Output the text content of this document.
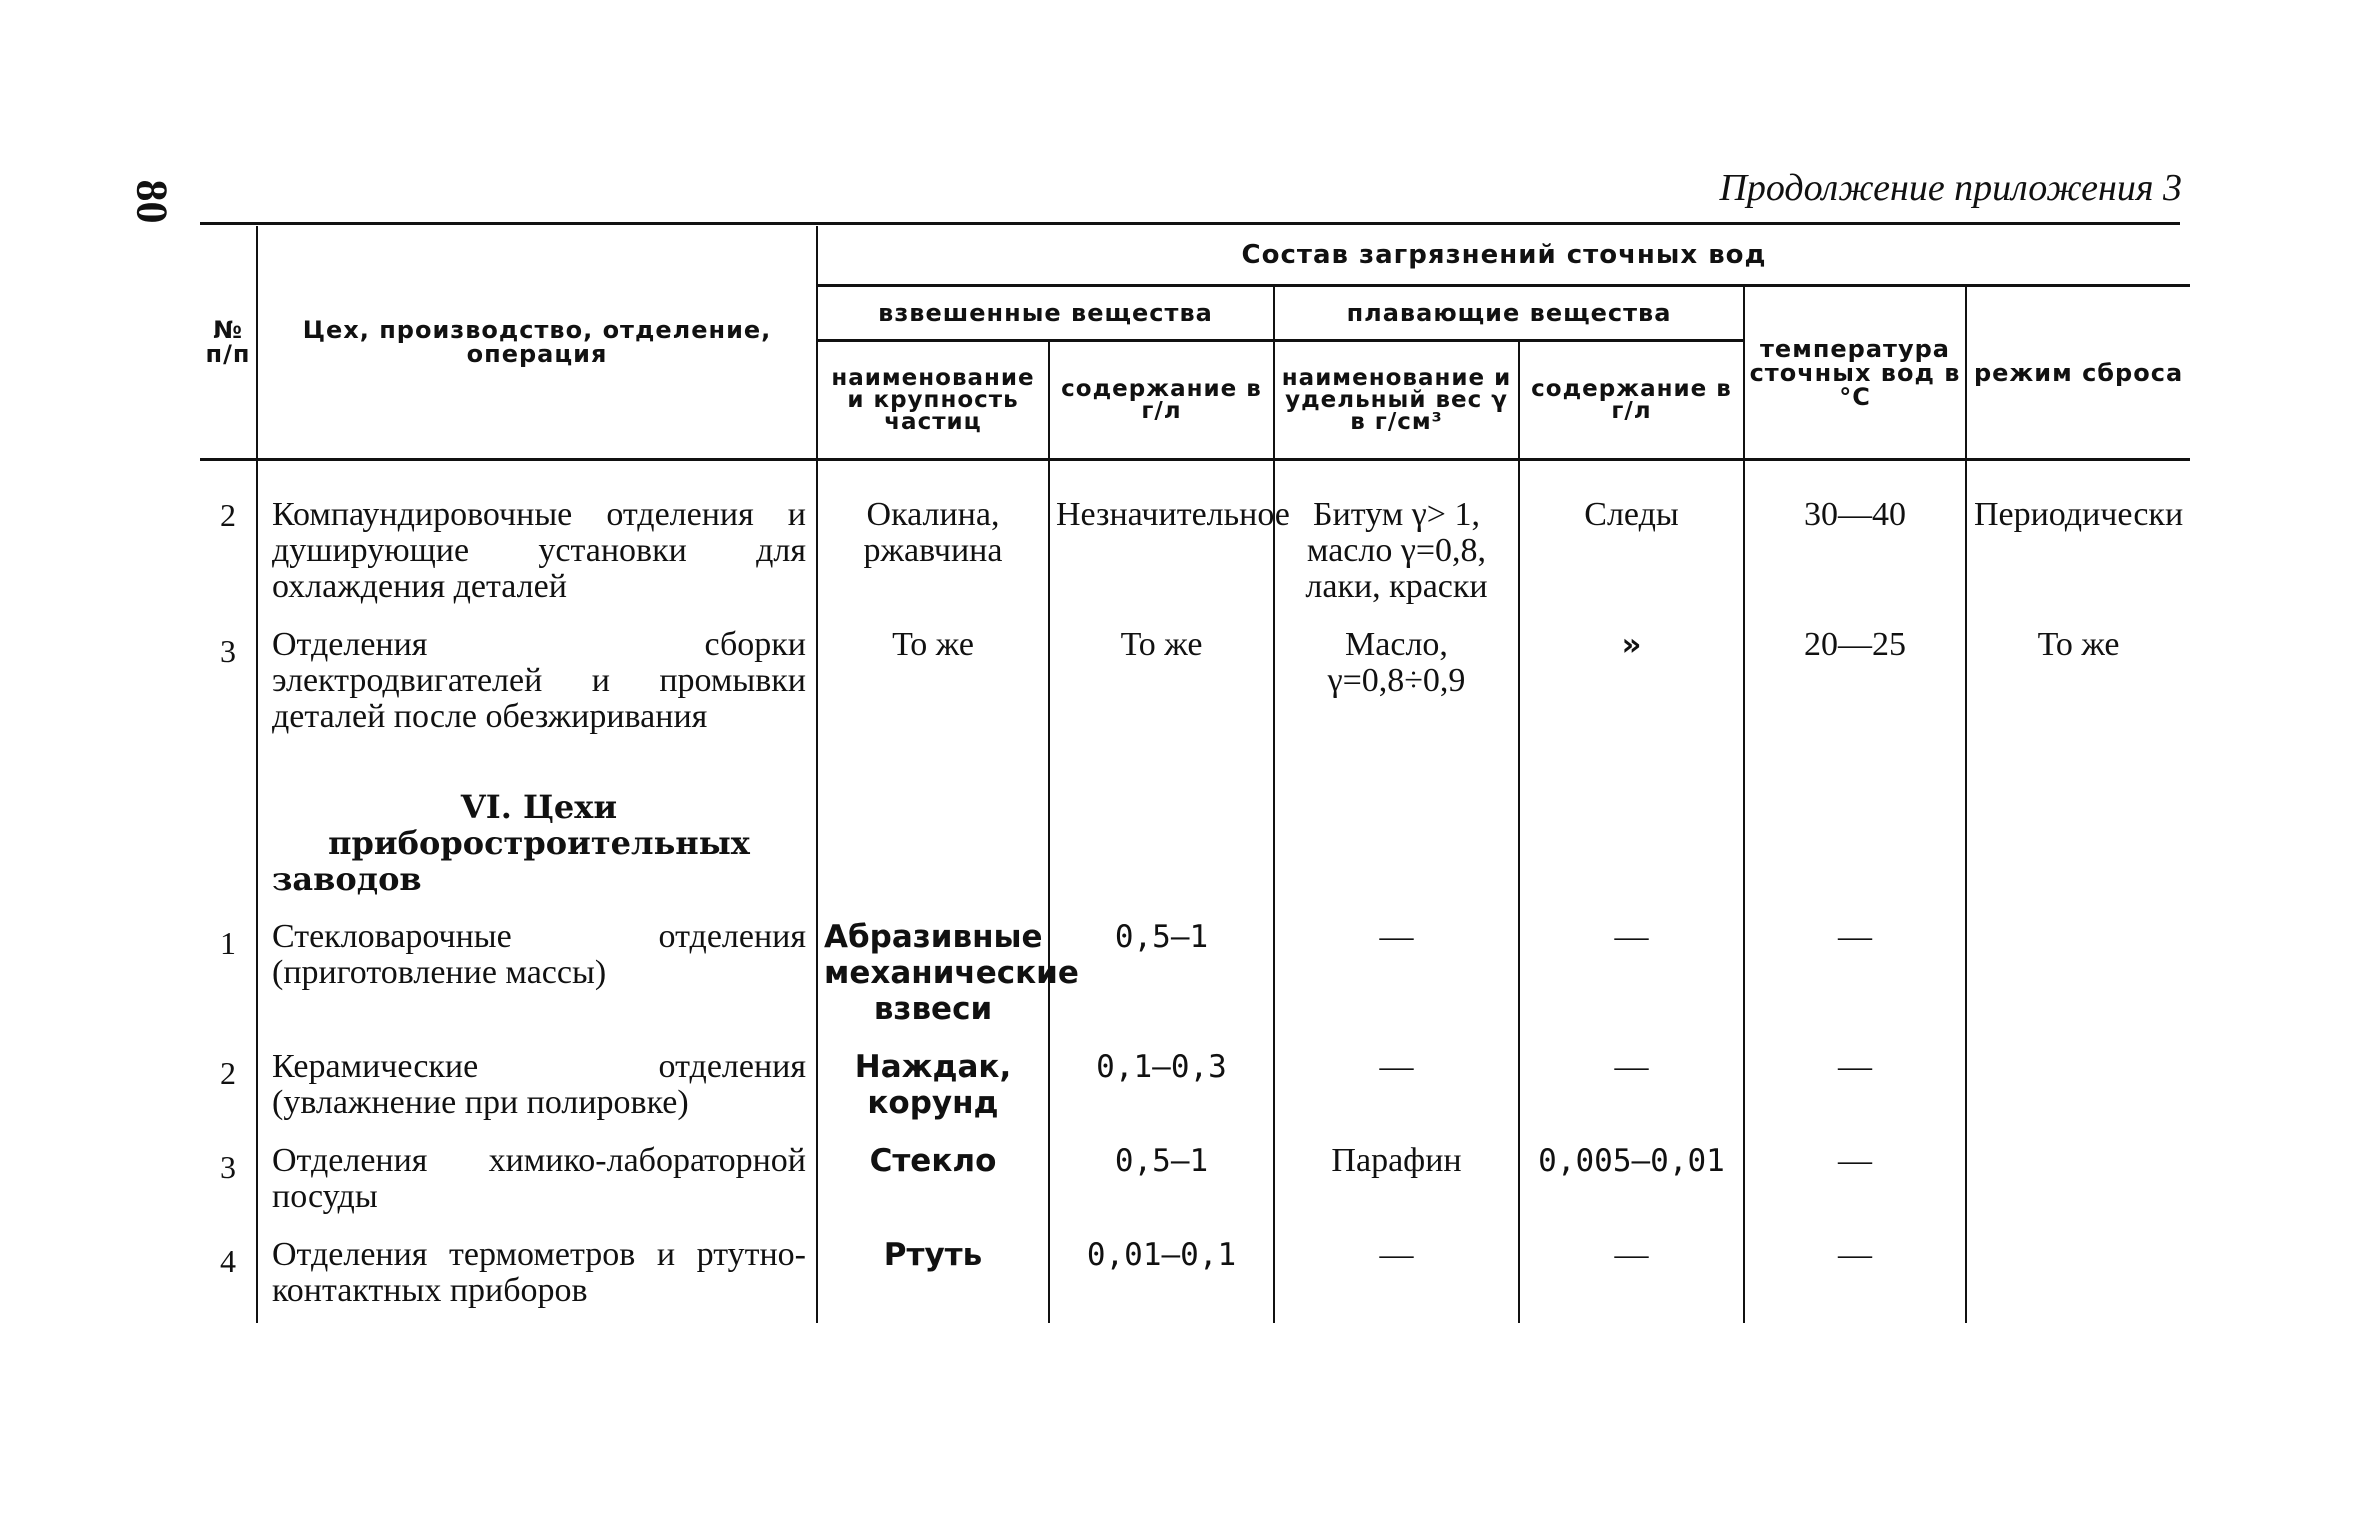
80	Продолжение приложения 3
№ п/п	Цех, производство, отделение, операция	Состав загрязнений сточных вод					
		взвешенные вещества		плавающие вещества		температура сточных вод в °C	режим сброса
		наименование и крупность частиц	содержание в г/л	наименование и удельный вес γ в г/см³	содержание в г/л		
2	Компаундировочные отделения и душирующие установки для охлаждения деталей	Окалина, ржавчина	Незначительное	Битум γ> 1, масло γ=0,8, лаки, краски	Следы	30—40	Периодически
3	Отделения сборки электродвигателей и промывки деталей после обезжиривания	То же	То же	Масло, γ=0,8÷0,9	»	20—25	То же
	VI. Цехи приборостроительных заводов						
1	Стекловарочные отделения (приготовление массы)	Абразивные механические взвеси	0,5—1	—	—	—	
2	Керамические отделения (увлажнение при полировке)	Наждак, корунд	0,1—0,3	—	—	—	
3	Отделения химико-лабораторной посуды	Стекло	0,5—1	Парафин	0,005—0,01	—	
4	Отделения термометров и ртутно-контактных приборов	Ртуть	0,01—0,1	—	—	—	
